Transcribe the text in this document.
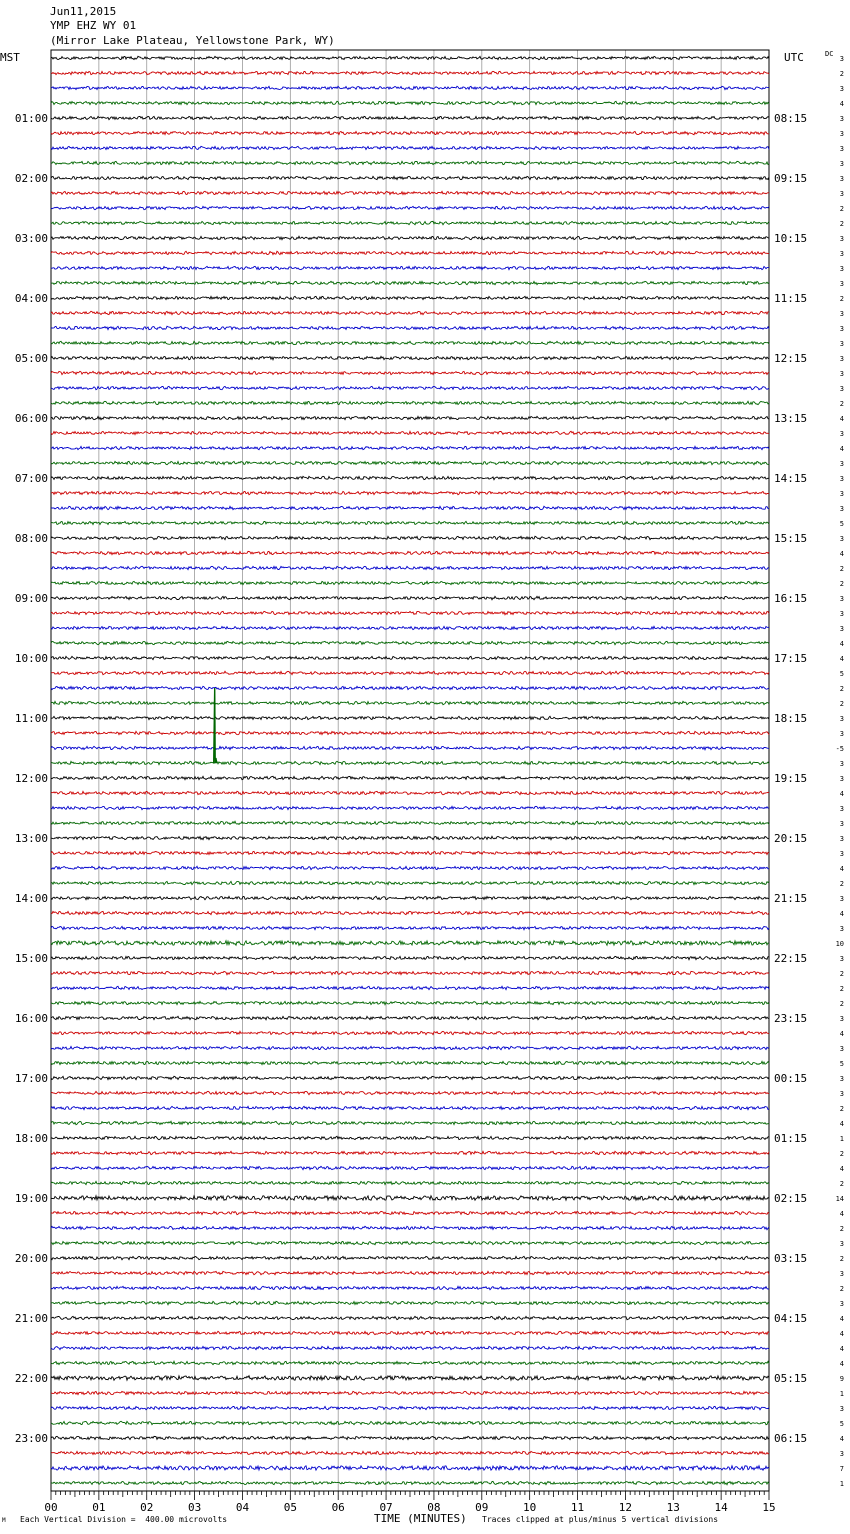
Jun11,2015
YMP EHZ WY 01
(Mirror Lake Plateau, Yellowstone Park, WY)
MST	UTC	DC
01:00	08:15
02:00	09:15
03:00	10:15
04:00	11:15
05:00	12:15
06:00	13:15
07:00	14:15
08:00	15:15
09:00	16:15
10:00	17:15
11:00	18:15
12:00	19:15
13:00	20:15
14:00	21:15
15:00	22:15
16:00	23:15
17:00	00:15
18:00	01:15
19:00	02:15
20:00	03:15
21:00	04:15
22:00	05:15
23:00	06:15
3
2
3
4
3
3
3
3
3
3
2
2
3
3
3
3
2
3
3
3
3
3
3
2
4
3
4
3
3
3
3
5
3
4
2
2
3
3
3
4
4
5
2
2
3
3
-5
3
3
4
3
3
3
3
4
2
3
4
3
10
3
2
2
2
3
4
3
5
3
3
2
4
1
2
4
2
14
4
2
3
2
3
2
3
4
4
4
4
9
1
3
5
4
3
7
1
00	01	02	03	04	05	06	07	08	09	10	11	12	13	14	15
M Each Vertical Division =  400.00 microvolts	TIME (MINUTES) Traces clipped at plus/minus 5 vertical divisions
